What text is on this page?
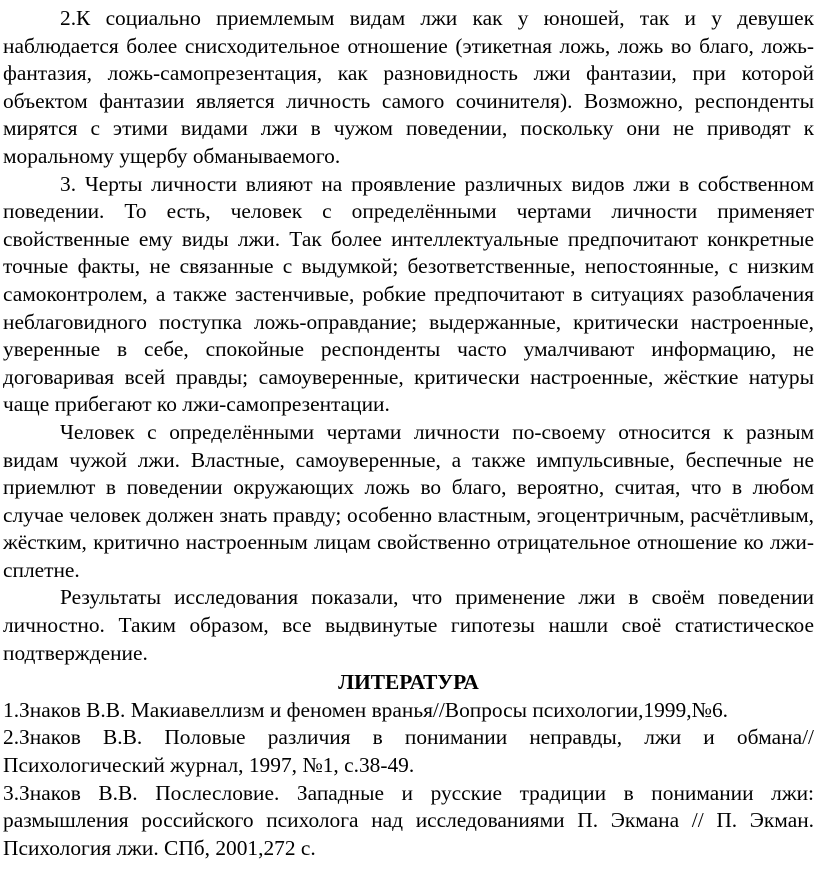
2.К социально приемлемым видам лжи как у юношей, так и у девушек наблюдается более снисходительное отношение (этикетная ложь, ложь во благо, ложь-фантазия, ложь-самопрезентация, как разновидность лжи фантазии, при которой объектом фантазии является личность самого сочинителя). Возможно, респонденты мирятся с этими видами лжи в чужом поведении, поскольку они не приводят к моральному ущербу обманываемого.

3. Черты личности влияют на проявление различных видов лжи в собственном поведении. То есть, человек с определёнными чертами личности применяет свойственные ему виды лжи. Так более интеллектуальные предпочитают конкретные точные факты, не связанные с выдумкой; безответственные, непостоянные, с низким самоконтролем, а также застенчивые, робкие предпочитают в ситуациях разоблачения неблаговидного поступка ложь-оправдание; выдержанные, критически настроенные, уверенные в себе, спокойные респонденты часто умалчивают информацию, не договаривая всей правды; самоуверенные, критически настроенные, жёсткие натуры чаще прибегают ко лжи-самопрезентации.

Человек с определёнными чертами личности по-своему относится к разным видам чужой лжи. Властные, самоуверенные, а также импульсивные, беспечные не приемлют в поведении окружающих ложь во благо, вероятно, считая, что в любом случае человек должен знать правду; особенно властным, эгоцентричным, расчётливым, жёстким, критично настроенным лицам свойственно отрицательное отношение ко лжи-сплетне.

Результаты исследования показали, что применение лжи в своём поведении личностно. Таким образом, все выдвинутые гипотезы нашли своё статистическое подтверждение.

ЛИТЕРАТУРА

1.Знаков В.В. Макиавеллизм и феномен вранья//Вопросы психологии,1999,№6.

2.Знаков В.В. Половые различия в понимании неправды, лжи и обмана// Психологический журнал, 1997, №1, с.38-49.

3.Знаков В.В. Послесловие. Западные и русские традиции в понимании лжи: размышления российского психолога над исследованиями П. Экмана // П. Экман. Психология лжи. СПб, 2001,272 с.
